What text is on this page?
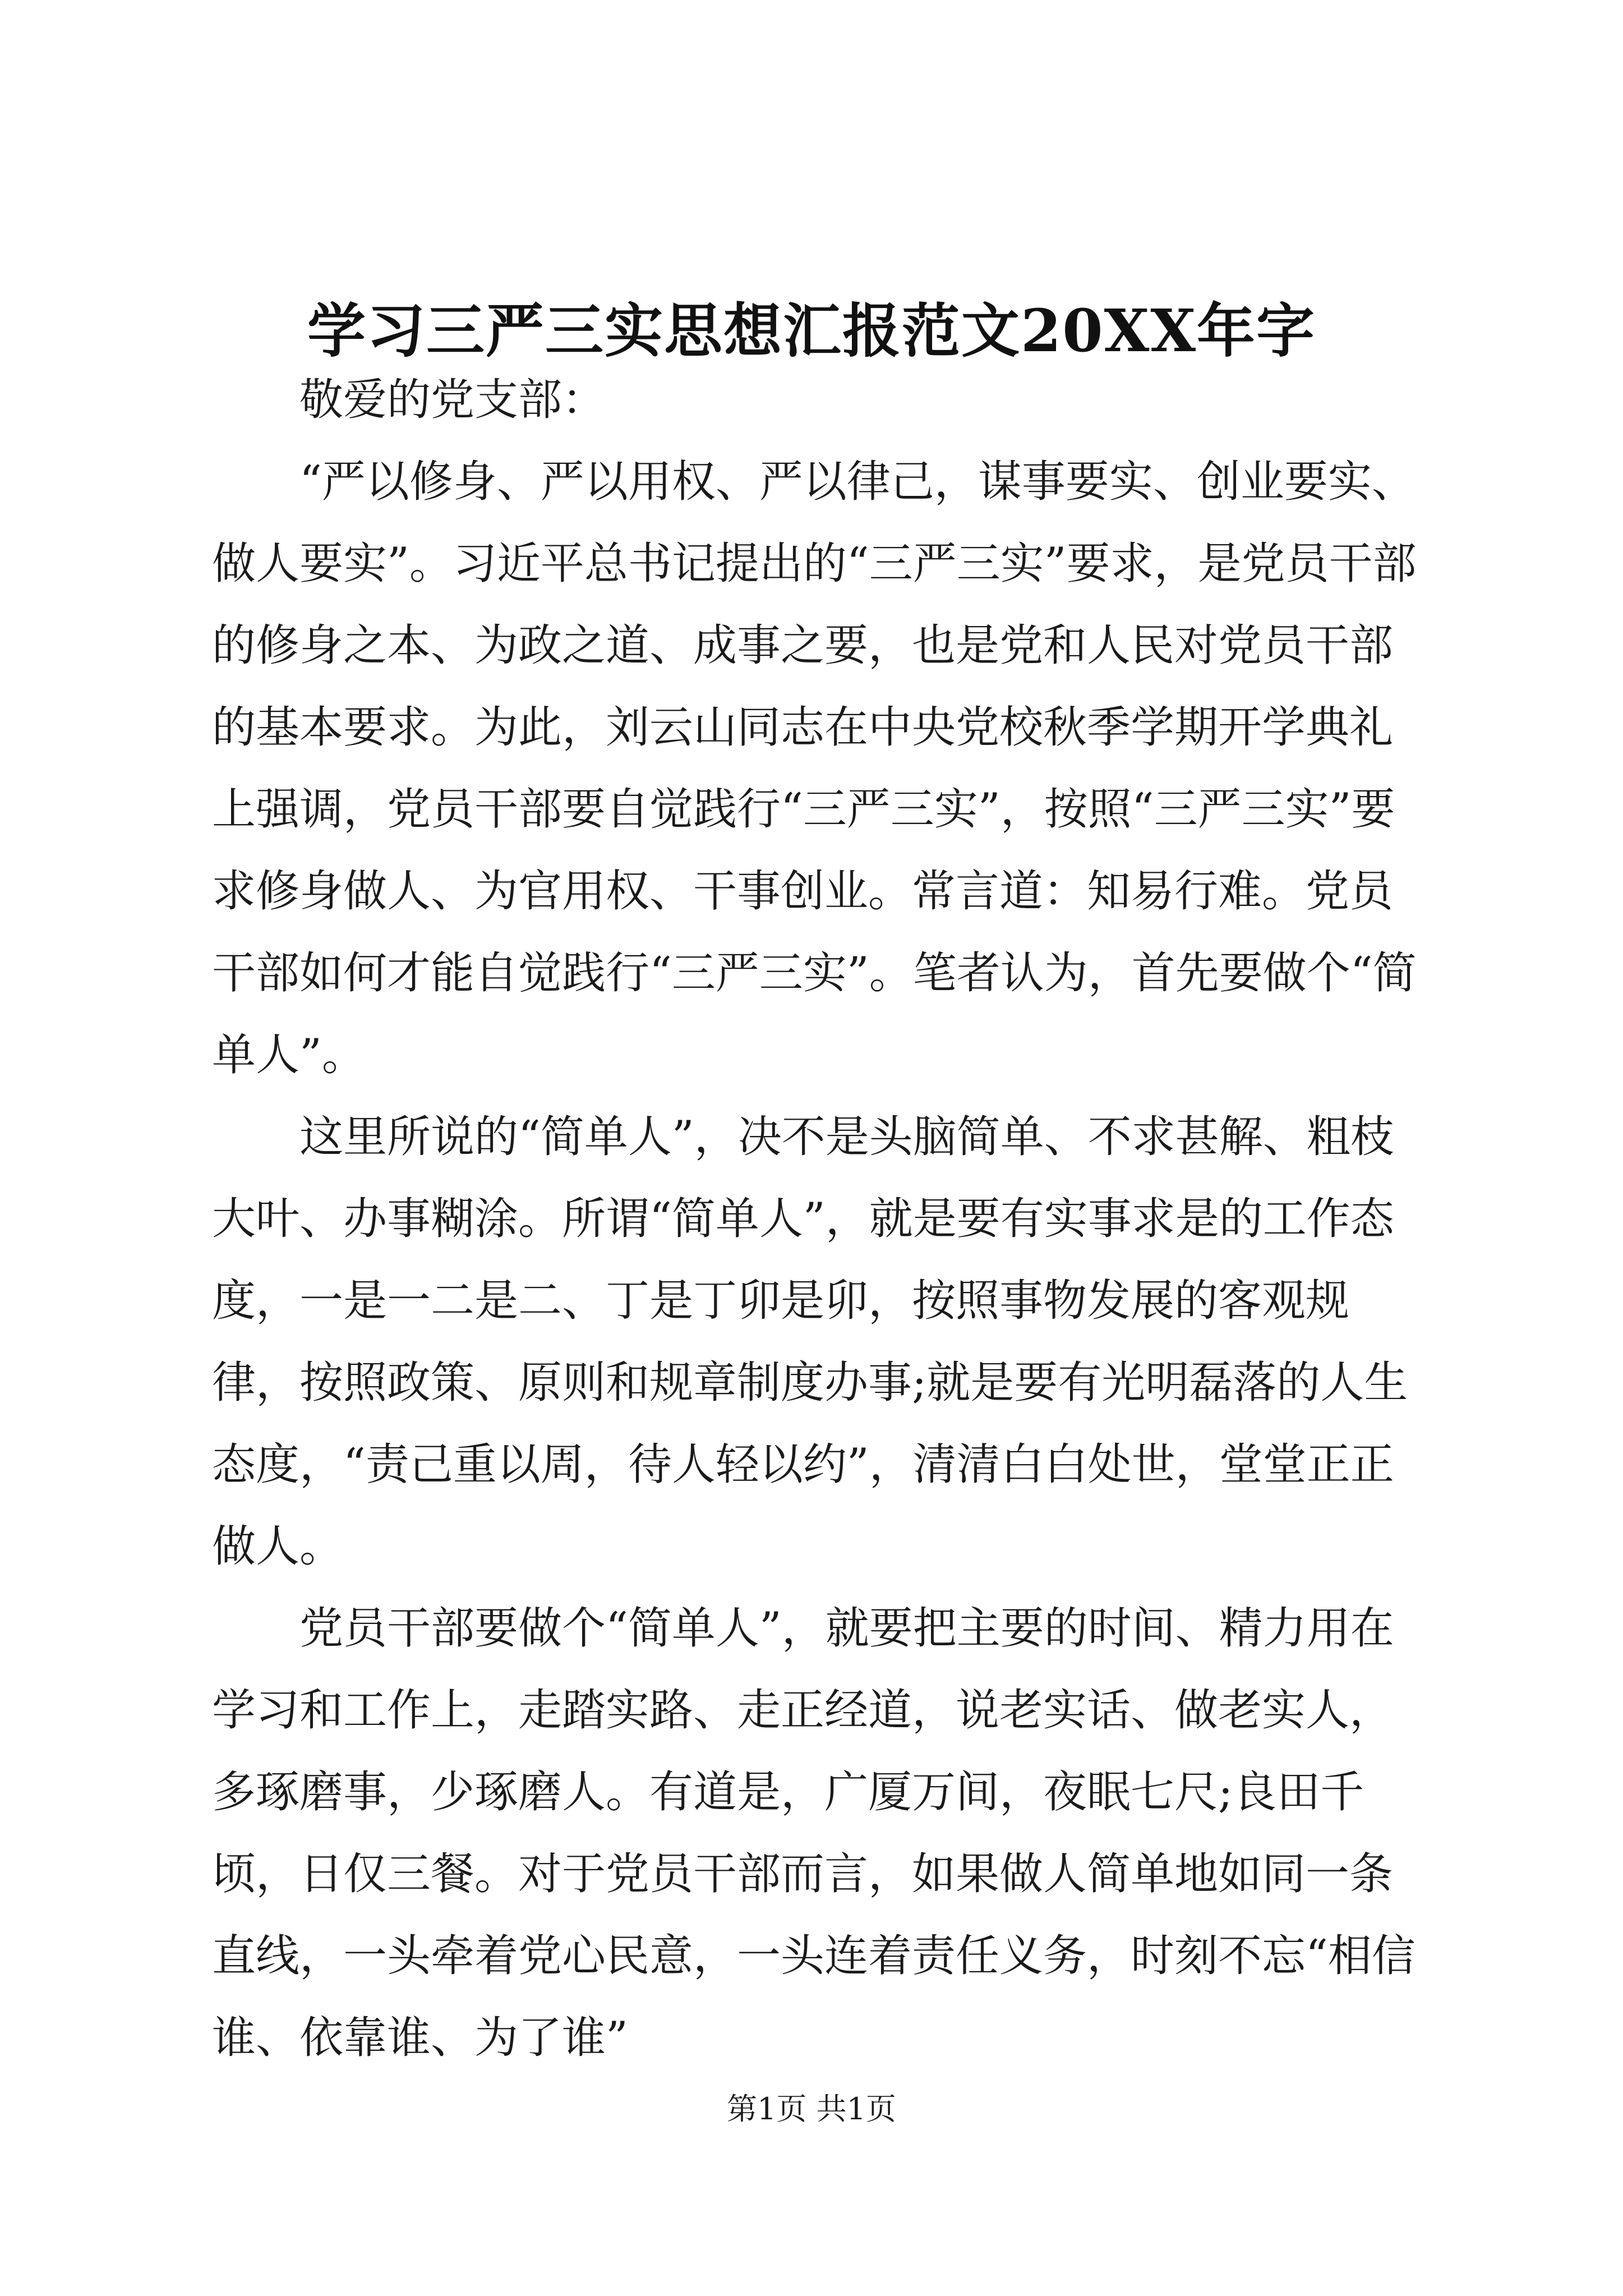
学习三严三实思想汇报范文20XX年字

敬爱的党支部：

“严以修身、严以用权、严以律己，谋事要实、创业要实、做人要实”。习近平总书记提出的“三严三实”要求，是党员干部的修身之本、为政之道、成事之要，也是党和人民对党员干部的基本要求。为此，刘云山同志在中央党校秋季学期开学典礼上强调，党员干部要自觉践行“三严三实”，按照“三严三实”要求修身做人、为官用权、干事创业。常言道：知易行难。党员干部如何才能自觉践行“三严三实”。笔者认为，首先要做个“简单人”。

这里所说的“简单人”，决不是头脑简单、不求甚解、粗枝大叶、办事糊涂。所谓“简单人”，就是要有实事求是的工作态度，一是一二是二、丁是丁卯是卯，按照事物发展的客观规律，按照政策、原则和规章制度办事;就是要有光明磊落的人生态度，“责己重以周，待人轻以约”，清清白白处世，堂堂正正做人。

党员干部要做个“简单人”，就要把主要的时间、精力用在学习和工作上，走踏实路、走正经道，说老实话、做老实人，多琢磨事，少琢磨人。有道是，广厦万间，夜眠七尺;良田千顷，日仅三餐。对于党员干部而言，如果做人简单地如同一条直线，一头牵着党心民意，一头连着责任义务，时刻不忘“相信谁、依靠谁、为了谁”

第1页 共1页
